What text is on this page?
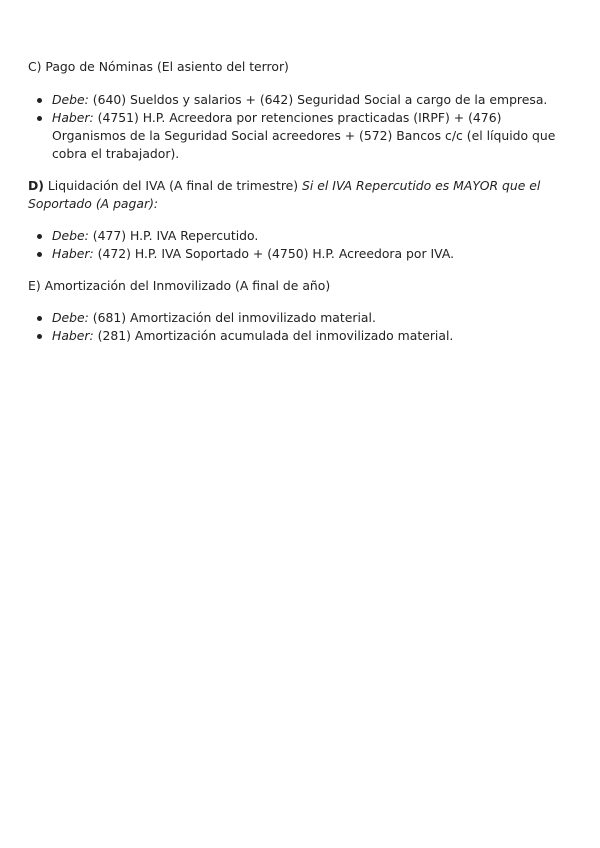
C) Pago de Nóminas (El asiento del terror)

Debe: (640) Sueldos y salarios + (642) Seguridad Social a cargo de la empresa.
Haber: (4751) H.P. Acreedora por retenciones practicadas (IRPF) + (476) Organismos de la Seguridad Social acreedores + (572) Bancos c/c (el líquido que cobra el trabajador).

D) Liquidación del IVA (A final de trimestre) Si el IVA Repercutido es MAYOR que el Soportado (A pagar):

Debe: (477) H.P. IVA Repercutido.
Haber: (472) H.P. IVA Soportado + (4750) H.P. Acreedora por IVA.

E) Amortización del Inmovilizado (A final de año)

Debe: (681) Amortización del inmovilizado material.
Haber: (281) Amortización acumulada del inmovilizado material.
